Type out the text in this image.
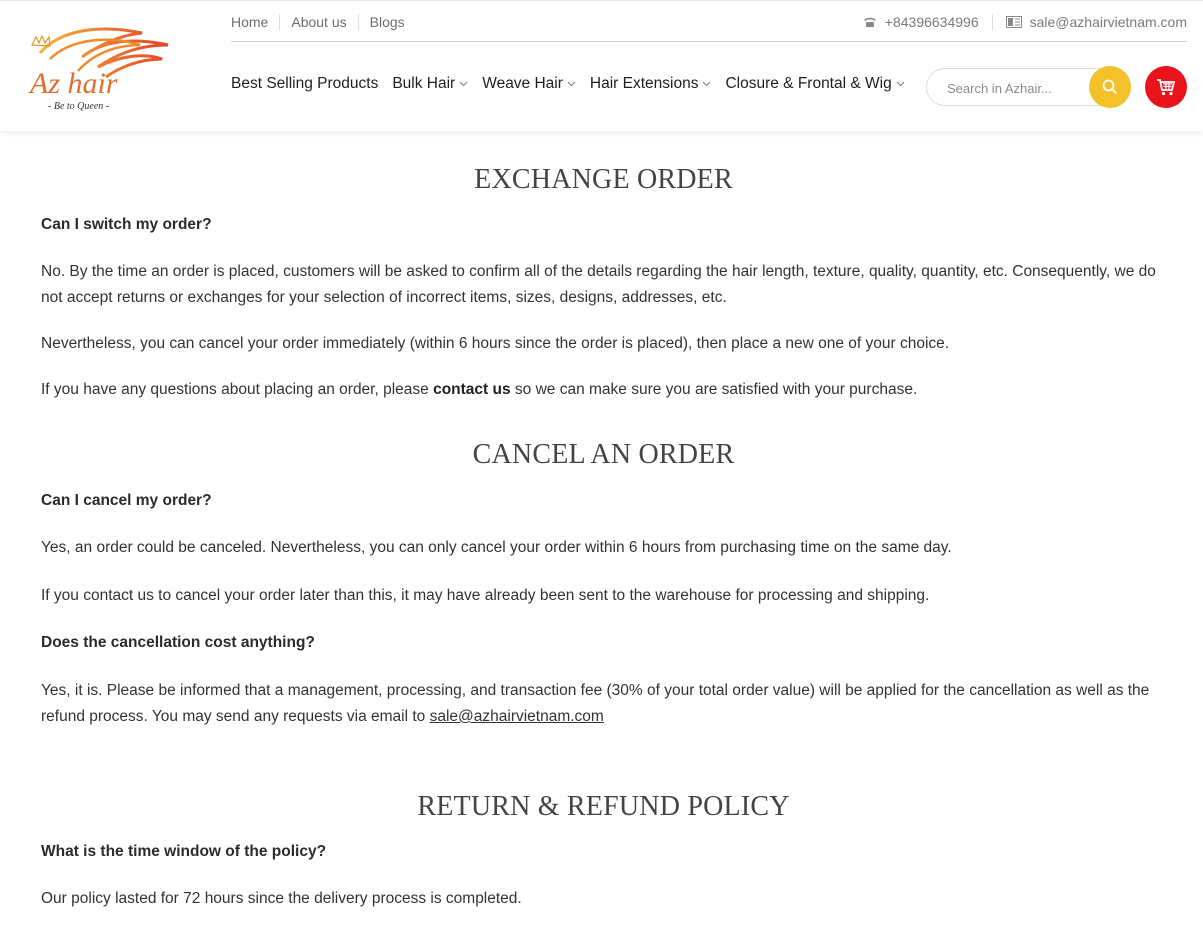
Az hair
- Be to Queen -
Home	About us	Blogs	+84396634996	sale@azhairvietnam.com
Best Selling Products Bulk Hair Weave Hair Hair Extensions Closure & Frontal & Wig
Search in Azhair...
EXCHANGE ORDER

Can I switch my order?

No. By the time an order is placed, customers will be asked to confirm all of the details regarding the hair length, texture, quality, quantity, etc. Consequently, we do not accept returns or exchanges for your selection of incorrect items, sizes, designs, addresses, etc.

Nevertheless, you can cancel your order immediately (within 6 hours since the order is placed), then place a new one of your choice.

If you have any questions about placing an order, please contact us so we can make sure you are satisfied with your purchase.

CANCEL AN ORDER

Can I cancel my order?

Yes, an order could be canceled. Nevertheless, you can only cancel your order within 6 hours from purchasing time on the same day.

If you contact us to cancel your order later than this, it may have already been sent to the warehouse for processing and shipping.

Does the cancellation cost anything?

Yes, it is. Please be informed that a management, processing, and transaction fee (30% of your total order value) will be applied for the cancellation as well as the refund process. You may send any requests via email to sale@azhairvietnam.com

RETURN & REFUND POLICY

What is the time window of the policy?

Our policy lasted for 72 hours since the delivery process is completed.
